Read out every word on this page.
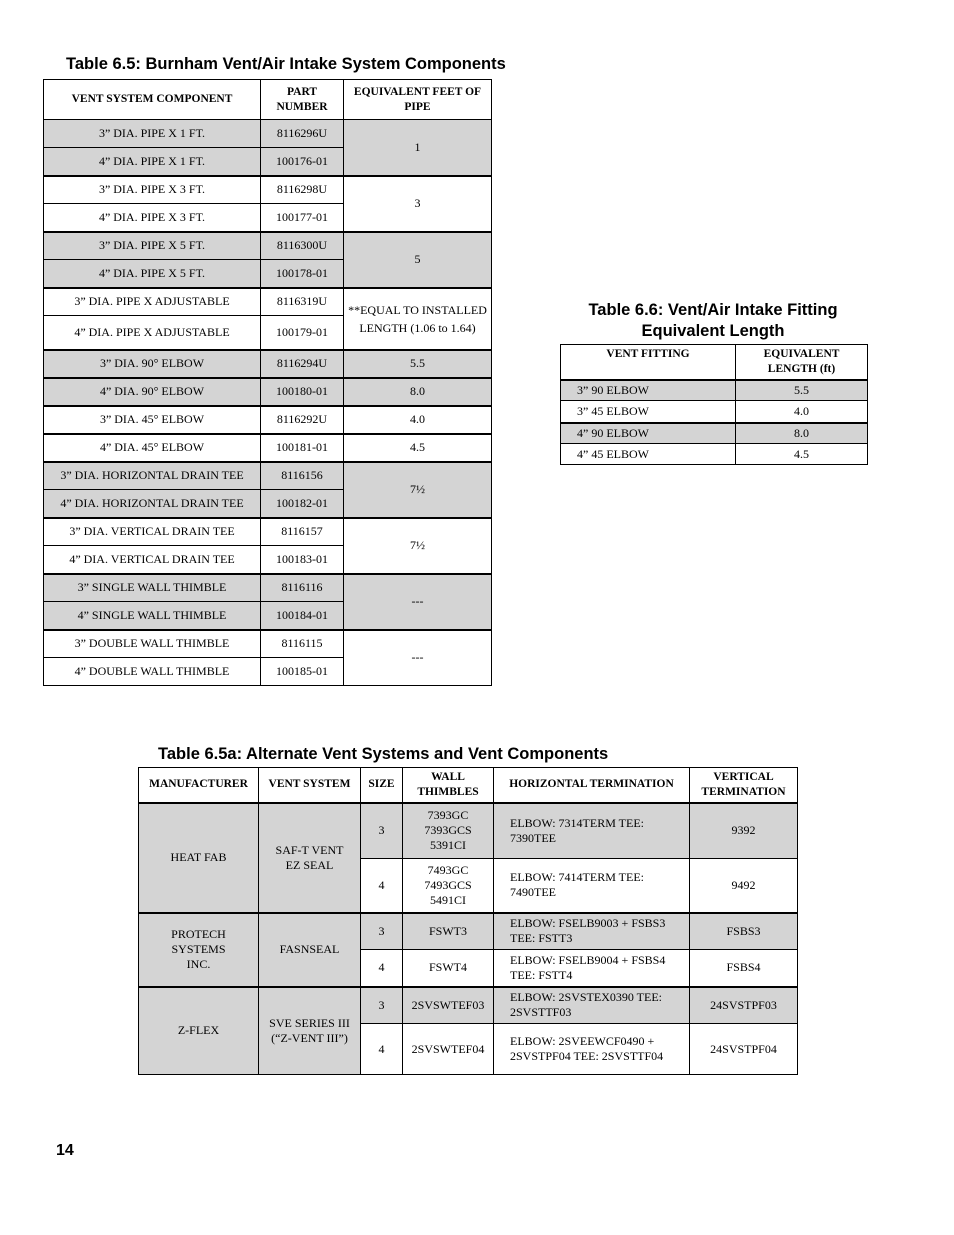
Table 6.5: Burnham Vent/Air Intake System Components
VENT SYSTEM COMPONENT	PART NUMBER	EQUIVALENT FEET OF PIPE
3” DIA. PIPE X 1 FT.	8116296U	1
4” DIA. PIPE X 1 FT.	100176-01	
3” DIA. PIPE X 3 FT.	8116298U	3
4” DIA. PIPE X 3 FT.	100177-01	
3” DIA. PIPE X 5 FT.	8116300U	5
4” DIA. PIPE X 5 FT.	100178-01	
3” DIA. PIPE X ADJUSTABLE	8116319U	**EQUAL TO INSTALLED LENGTH (1.06 to 1.64)
4” DIA. PIPE X ADJUSTABLE	100179-01	
3” DIA. 90° ELBOW	8116294U	5.5
4” DIA. 90° ELBOW	100180-01	8.0
3” DIA. 45° ELBOW	8116292U	4.0
4” DIA. 45° ELBOW	100181-01	4.5
3” DIA. HORIZONTAL DRAIN TEE	8116156	7½
4” DIA. HORIZONTAL DRAIN TEE	100182-01	
3” DIA. VERTICAL DRAIN TEE	8116157	7½
4” DIA. VERTICAL DRAIN TEE	100183-01	
3” SINGLE WALL THIMBLE	8116116	---
4” SINGLE WALL THIMBLE	100184-01	
3” DOUBLE WALL THIMBLE	8116115	---
4” DOUBLE WALL THIMBLE	100185-01	
Table 6.6: Vent/Air Intake Fitting
Equivalent Length
VENT FITTING	EQUIVALENT LENGTH (ft)
3” 90 ELBOW	5.5
3” 45 ELBOW	4.0
4” 90 ELBOW	8.0
4” 45 ELBOW	4.5
Table 6.5a: Alternate Vent Systems and Vent Components
MANUFACTURER	VENT SYSTEM	SIZE	WALL THIMBLES	HORIZONTAL TERMINATION	VERTICAL TERMINATION
HEAT FAB	SAF-T VENT EZ SEAL	3	7393GC 7393GCS 5391CI	ELBOW: 7314TERM TEE: 7390TEE	9392
		4	7493GC 7493GCS 5491CI	ELBOW: 7414TERM TEE: 7490TEE	9492
PROTECH SYSTEMS INC.	FASNSEAL	3	FSWT3	ELBOW: FSELB9003 + FSBS3 TEE: FSTT3	FSBS3
		4	FSWT4	ELBOW: FSELB9004 + FSBS4 TEE: FSTT4	FSBS4
Z-FLEX	SVE SERIES III (“Z-VENT III”)	3	2SVSWTEF03	ELBOW: 2SVSTEX0390 TEE: 2SVSTTF03	24SVSTPF03
		4	2SVSWTEF04	ELBOW: 2SVEEWCF0490 + 2SVSTPF04 TEE: 2SVSTTF04	24SVSTPF04
14
